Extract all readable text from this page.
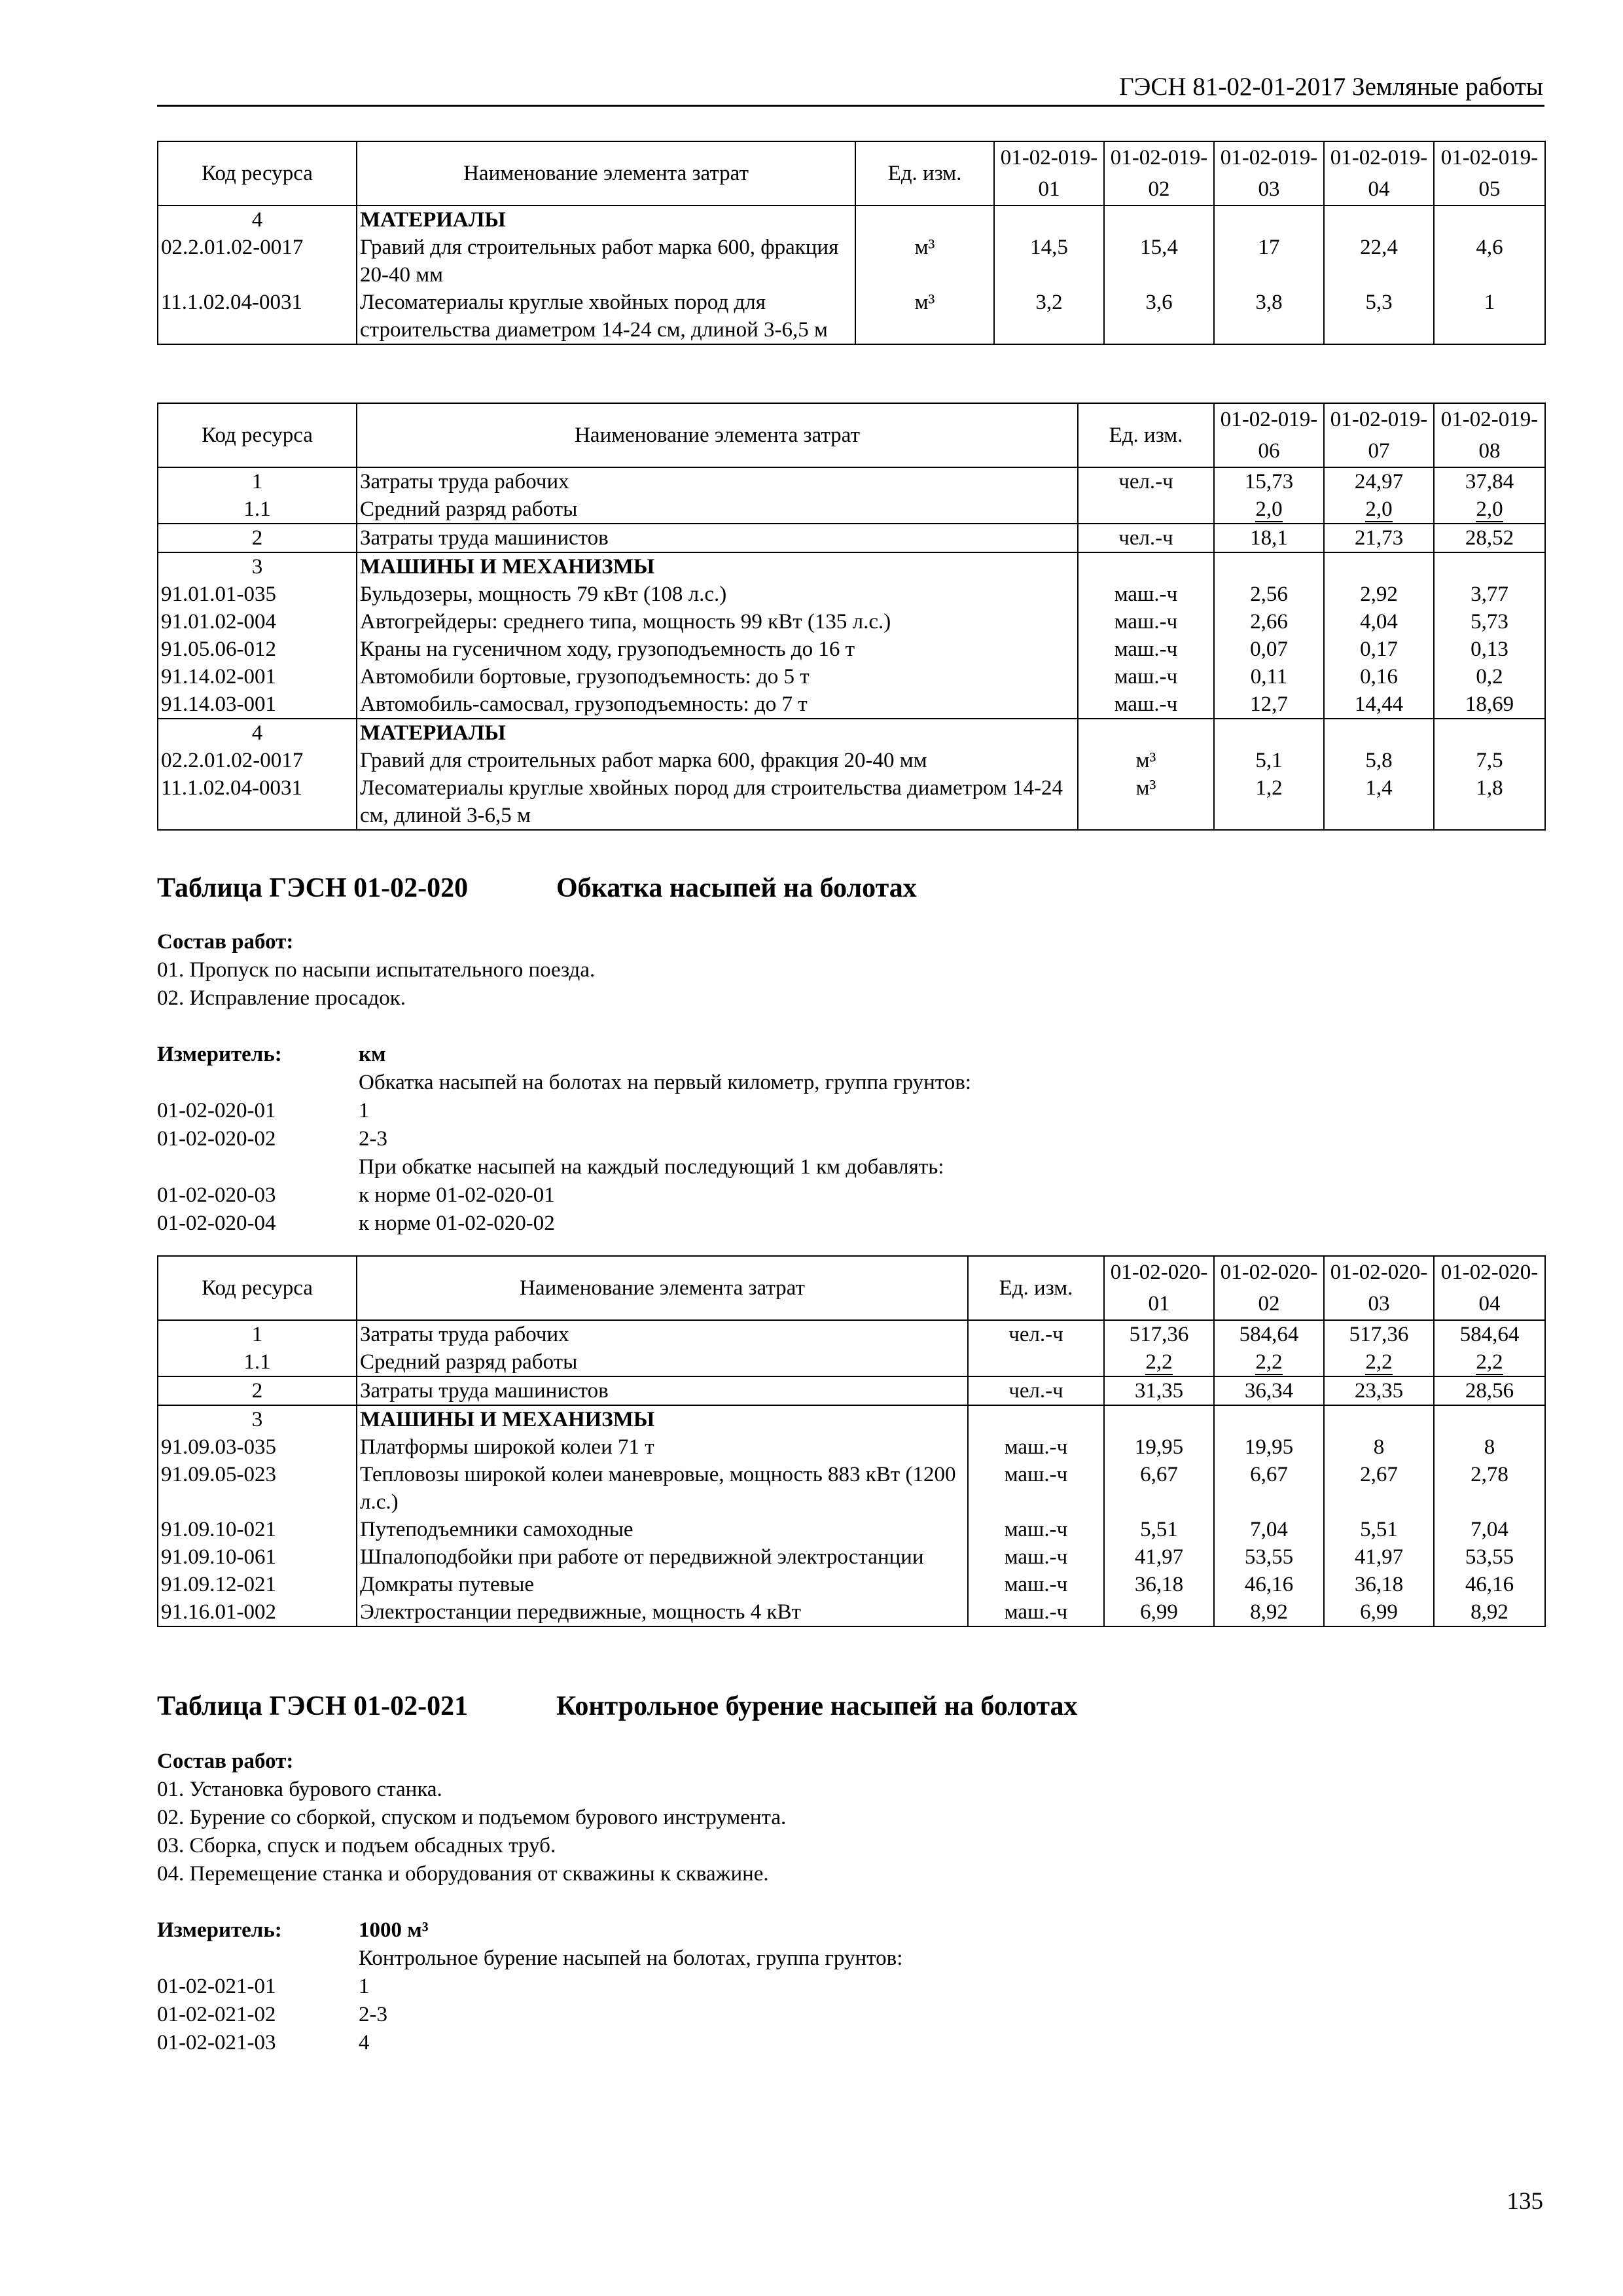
ГЭСН 81-02-01-2017 Земляные работы
Код ресурса	Наименование элемента затрат	Ед. изм.	01-02-019-01	01-02-019-02	01-02-019-03	01-02-019-04	01-02-019-05
4	МАТЕРИАЛЫ						
02.2.01.02-0017	Гравий для строительных работ марка 600, фракция 20-40 мм	м³	14,5	15,4	17	22,4	4,6
11.1.02.04-0031	Лесоматериалы круглые хвойных пород для строительства диаметром 14-24 см, длиной 3-6,5 м	м³	3,2	3,6	3,8	5,3	1
Код ресурса	Наименование элемента затрат	Ед. изм.	01-02-019-06	01-02-019-07	01-02-019-08
1	Затраты труда рабочих	чел.-ч	15,73	24,97	37,84
1.1	Средний разряд работы		2,0	2,0	2,0
2	Затраты труда машинистов	чел.-ч	18,1	21,73	28,52
3	МАШИНЫ И МЕХАНИЗМЫ				
91.01.01-035	Бульдозеры, мощность 79 кВт (108 л.с.)	маш.-ч	2,56	2,92	3,77
91.01.02-004	Автогрейдеры: среднего типа, мощность 99 кВт (135 л.с.)	маш.-ч	2,66	4,04	5,73
91.05.06-012	Краны на гусеничном ходу, грузоподъемность до 16 т	маш.-ч	0,07	0,17	0,13
91.14.02-001	Автомобили бортовые, грузоподъемность: до 5 т	маш.-ч	0,11	0,16	0,2
91.14.03-001	Автомобиль-самосвал, грузоподъемность: до 7 т	маш.-ч	12,7	14,44	18,69
4	МАТЕРИАЛЫ				
02.2.01.02-0017	Гравий для строительных работ марка 600, фракция 20-40 мм	м³	5,1	5,8	7,5
11.1.02.04-0031	Лесоматериалы круглые хвойных пород для строительства диаметром 14-24 см, длиной 3-6,5 м	м³	1,2	1,4	1,8
Таблица ГЭСН 01-02-020	Обкатка насыпей на болотах
Состав работ:
01. Пропуск по насыпи испытательного поезда.
02. Исправление просадок.
Измеритель:	км
Обкатка насыпей на болотах на первый километр, группа грунтов:
01-02-020-01	1
01-02-020-02	2-3
При обкатке насыпей на каждый последующий 1 км добавлять:
01-02-020-03	к норме 01-02-020-01
01-02-020-04	к норме 01-02-020-02
Код ресурса	Наименование элемента затрат	Ед. изм.	01-02-020-01	01-02-020-02	01-02-020-03	01-02-020-04
1	Затраты труда рабочих	чел.-ч	517,36	584,64	517,36	584,64
1.1	Средний разряд работы		2,2	2,2	2,2	2,2
2	Затраты труда машинистов	чел.-ч	31,35	36,34	23,35	28,56
3	МАШИНЫ И МЕХАНИЗМЫ					
91.09.03-035	Платформы широкой колеи 71 т	маш.-ч	19,95	19,95	8	8
91.09.05-023	Тепловозы широкой колеи маневровые, мощность 883 кВт (1200 л.с.)	маш.-ч	6,67	6,67	2,67	2,78
91.09.10-021	Путеподъемники самоходные	маш.-ч	5,51	7,04	5,51	7,04
91.09.10-061	Шпалоподбойки при работе от передвижной электростанции	маш.-ч	41,97	53,55	41,97	53,55
91.09.12-021	Домкраты путевые	маш.-ч	36,18	46,16	36,18	46,16
91.16.01-002	Электростанции передвижные, мощность 4 кВт	маш.-ч	6,99	8,92	6,99	8,92
Таблица ГЭСН 01-02-021	Контрольное бурение насыпей на болотах
Состав работ:
01. Установка бурового станка.
02. Бурение со сборкой, спуском и подъемом бурового инструмента.
03. Сборка, спуск и подъем обсадных труб.
04. Перемещение станка и оборудования от скважины к скважине.
Измеритель:	1000 м³
Контрольное бурение насыпей на болотах, группа грунтов:
01-02-021-01	1
01-02-021-02	2-3
01-02-021-03	4
135
